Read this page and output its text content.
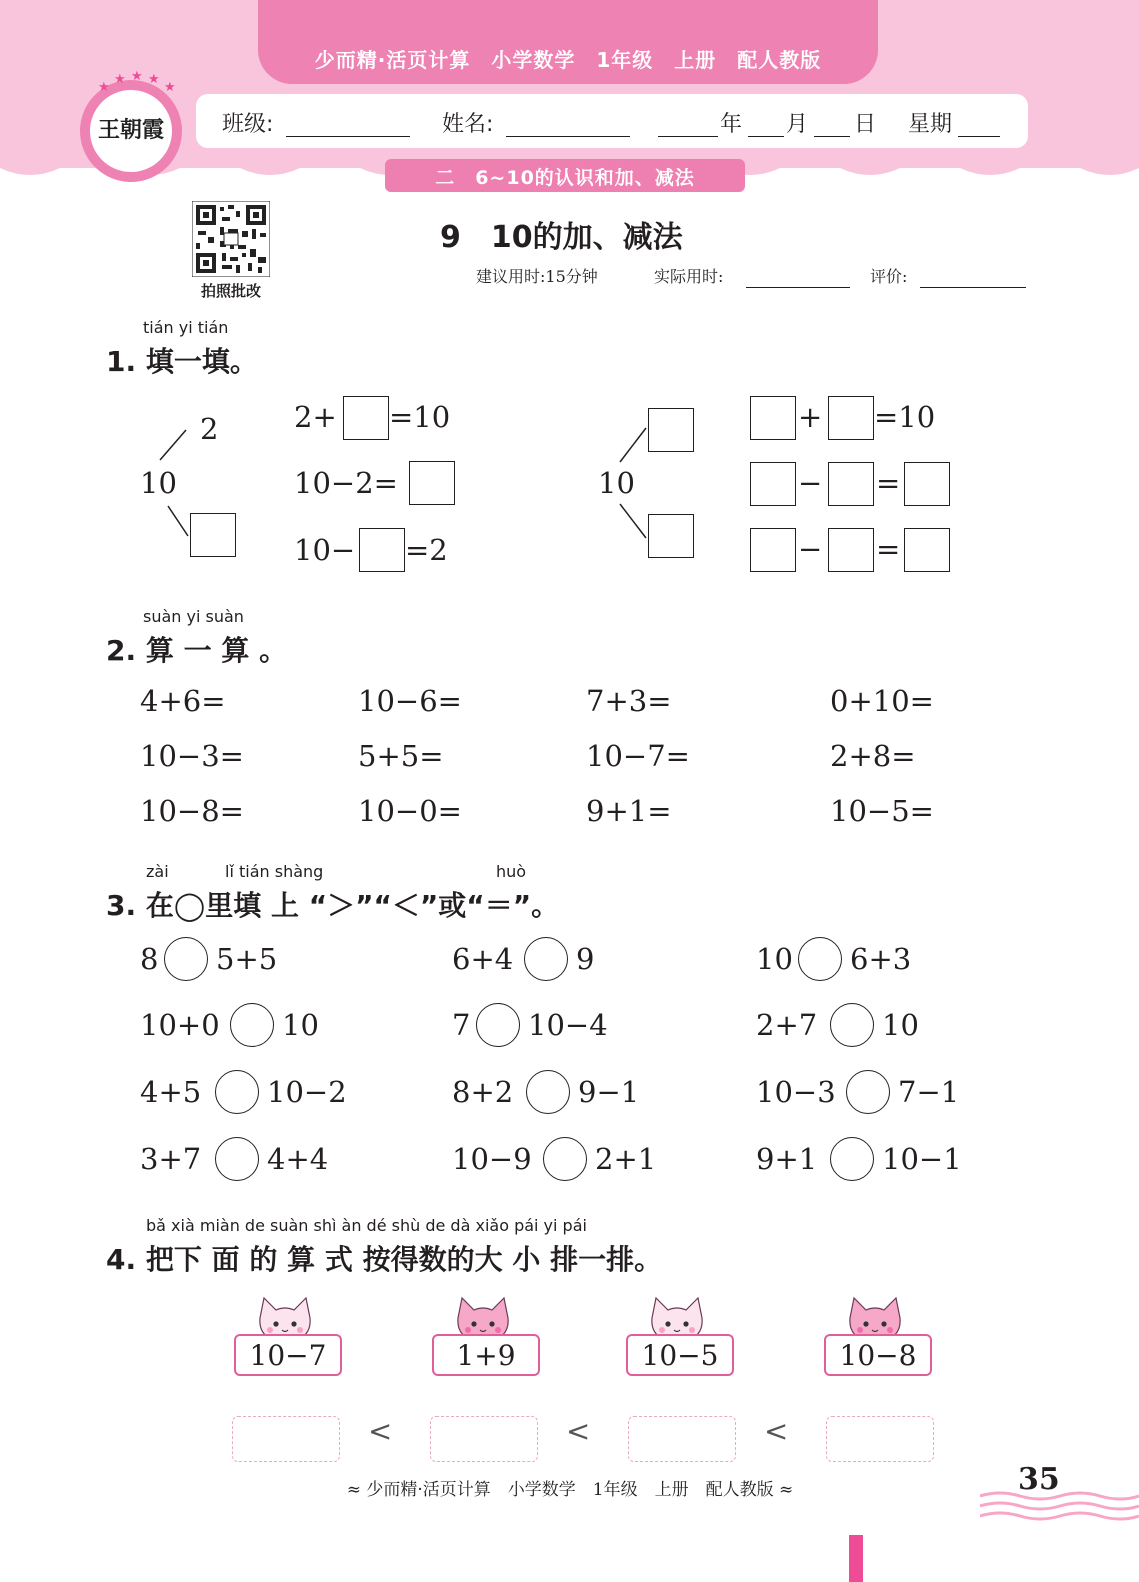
少而精·活页计算　小学数学　1年级　上册　配人教版
王朝霞
★
★ ★ ★
★
班级:	姓名:	年 月 日 星期
二　6~10的认识和加、减法
拍照批改
9　10的加、减法
建议用时:15分钟	实际用时:	评价:
tián yi tián
1. 填一填。
2
10
2+ =10
10−2=
10− =2
10
+ =10
− =
− =
suàn yi suàn
2. 算 一 算 。
4+6=	10−6=	7+3=	0+10=
10−3=	5+5=	10−7=	2+8=
10−8=	10−0=	9+1=	10−5=
zài	lǐ tián shàng	huò
3. 在◯里填 上 “＞”“＜”或“＝”。
8 5+5	6+4 9	10 6+3
10+0 10	7 10−4	2+7 10
4+5 10−2	8+2 9−1	10−3 7−1
3+7 4+4	10−9 2+1	9+1 10−1
bǎ xià miàn de suàn shì àn dé shù de dà xiǎo pái yi pái
4. 把下 面 的 算 式 按得数的大 小 排一排。
10−7	1+9	10−5	10−8
<	<	<
≈ 少而精·活页计算　小学数学　1年级　上册　配人教版 ≈	35
